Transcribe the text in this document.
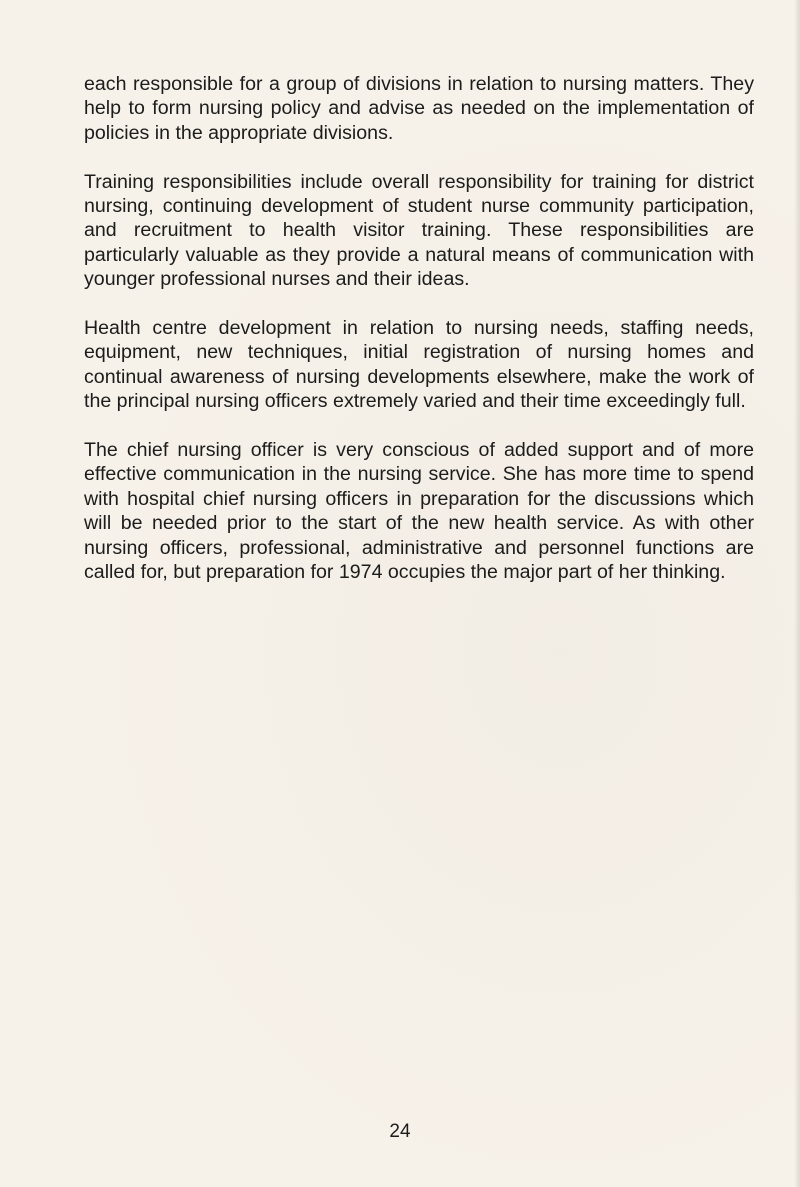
each responsible for a group of divisions in relation to nursing matters. They help to form nursing policy and advise as needed on the implementation of policies in the appropriate divisions.

Training responsibilities include overall responsibility for training for district nursing, continuing development of student nurse community participation, and recruitment to health visitor training. These responsibilities are particularly valuable as they provide a natural means of communication with younger professional nurses and their ideas.

Health centre development in relation to nursing needs, staffing needs, equipment, new techniques, initial registration of nursing homes and continual awareness of nursing developments elsewhere, make the work of the principal nursing officers extremely varied and their time exceedingly full.

The chief nursing officer is very conscious of added support and of more effective communication in the nursing service. She has more time to spend with hospital chief nursing officers in preparation for the discussions which will be needed prior to the start of the new health service. As with other nursing officers, professional, administrative and personnel functions are called for, but preparation for 1974 occupies the major part of her thinking.

24
